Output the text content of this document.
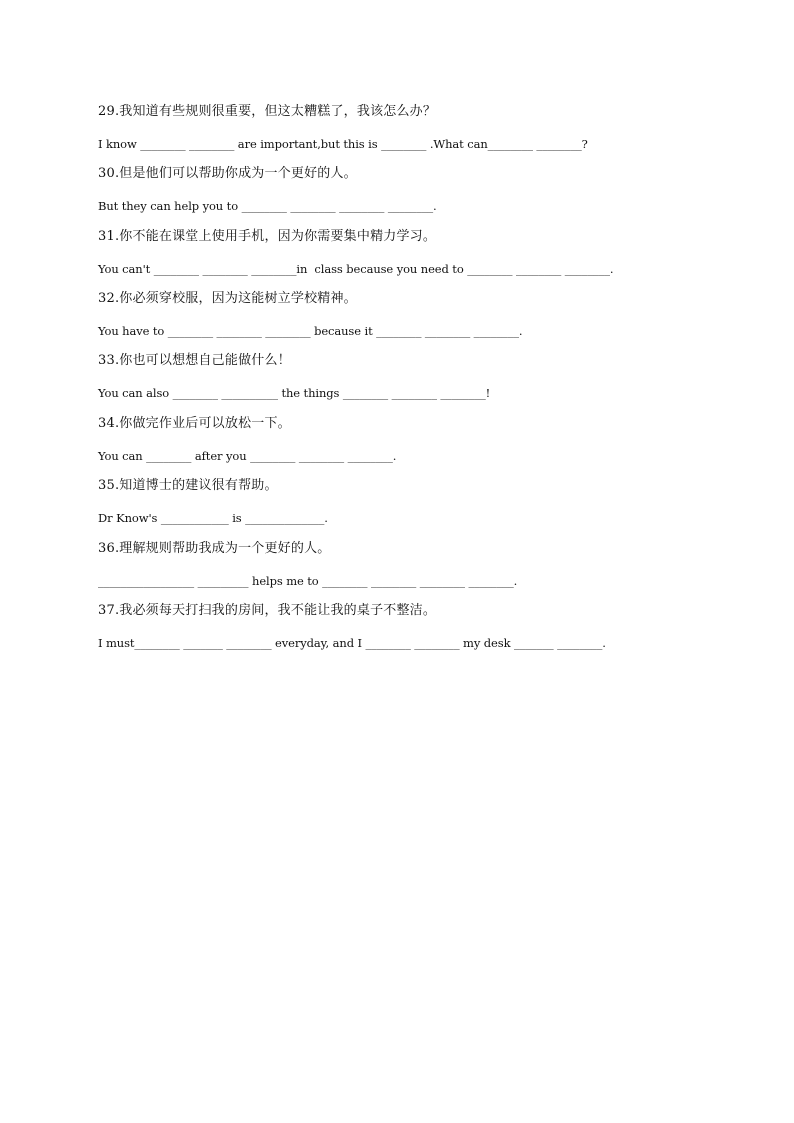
29.我知道有些规则很重要，但这太糟糕了，我该怎么办？
I know ________ ________ are important,but this is ________ .What can________ ________?
30.但是他们可以帮助你成为一个更好的人。
But they can help you to ________ ________ ________ ________.
31.你不能在课堂上使用手机，因为你需要集中精力学习。
You can't ________ ________ ________in  class because you need to ________ ________ ________.
32.你必须穿校服，因为这能树立学校精神。
You have to ________ ________ ________ because it ________ ________ ________.
33.你也可以想想自己能做什么！
You can also ________ __________ the things ________ ________ ________!
34.你做完作业后可以放松一下。
You can ________ after you ________ ________ ________.
35.知道博士的建议很有帮助。
Dr Know's ____________ is ______________.
36.理解规则帮助我成为一个更好的人。
_________________ _________ helps me to ________ ________ ________ ________.
37.我必须每天打扫我的房间，我不能让我的桌子不整洁。
I must________ _______ ________ everyday, and I ________ ________ my desk _______ ________.
